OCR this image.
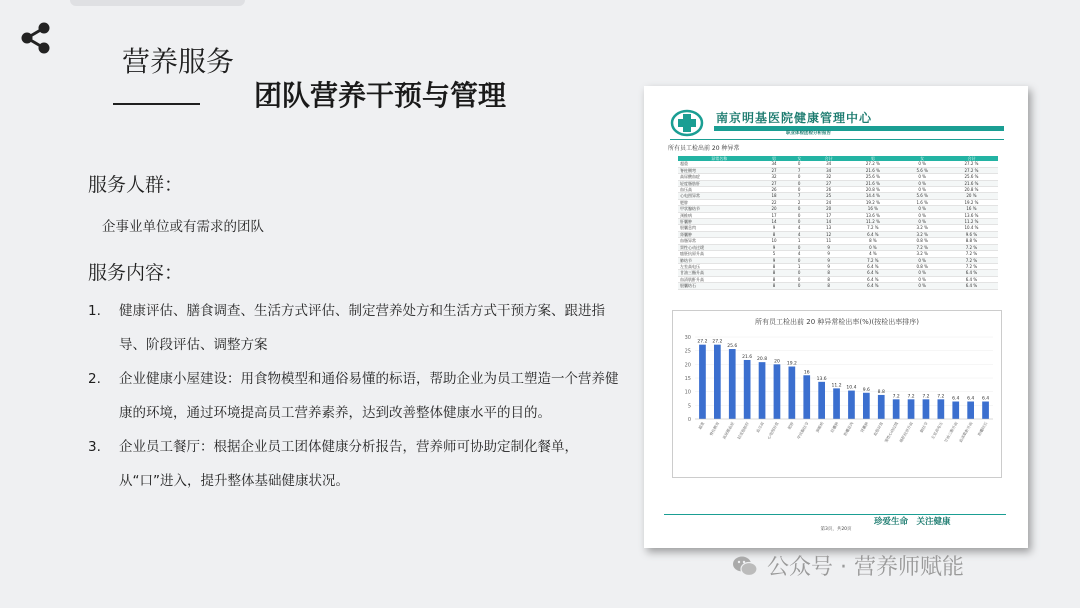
营养服务
团队营养干预与管理
服务人群：
企事业单位或有需求的团队
服务内容：
1. 健康评估、膳食调查、生活方式评估、制定营养处方和生活方式干预方案、跟进指导、阶段评估、调整方案
2. 企业健康小屋建设：用食物模型和通俗易懂的标语，帮助企业为员工塑造一个营养健康的环境，通过环境提高员工营养素养，达到改善整体健康水平的目的。
3. 企业员工餐厅：根据企业员工团体健康分析报告，营养师可协助定制化餐单，从“口”进入，提升整体基础健康状况。
南京明基医院健康管理中心
职业体检团检分析报告
所有员工检出前 20 种异常
异常名称	男	女	合计	男	女	合计
超重	34	0	34	27.2 %	0 %	27.2 %
脊柱侧弯	27	7	34	21.6 %	5.6 %	27.2 %
高尿酸血症	32	0	32	25.6 %	0 %	25.6 %
轻度脂肪肝	27	0	27	21.6 %	0 %	21.6 %
血压高	26	0	26	20.8 %	0 %	20.8 %
心电图异常	18	7	25	14.4 %	5.6 %	20 %
肥胖	22	2	24	19.2 %	1.6 %	19.2 %
甲状腺结节	20	0	20	16 %	0 %	16 %
颈椎病	17	0	17	13.6 %	0 %	13.6 %
肝囊肿	14	0	14	11.2 %	0 %	11.2 %
胆囊息肉	9	4	13	7.2 %	3.2 %	10.4 %
肾囊肿	8	4	12	6.4 %	3.2 %	9.6 %
血脂异常	10	1	11	8 %	0.8 %	8.8 %
窦性心动过缓	9	0	9	0 %	7.2 %	7.2 %
癌胚抗原升高	5	4	9	4 %	3.2 %	7.2 %
肺结节	9	0	9	7.2 %	0 %	7.2 %
左室高电压	8	1	9	6.4 %	0.8 %	7.2 %
甘油三酯升高	8	0	8	6.4 %	0 %	6.4 %
血清肌酐升高	8	0	8	6.4 %	0 %	6.4 %
胆囊结石	8	0	8	6.4 %	0 %	6.4 %
所有员工检出前 20 种异常检出率(%)(按检出率排序)
0
5
10
15
20
25
30
27.2
超重
27.2
脊柱侧弯
25.6
高尿酸血症
21.6
轻度脂肪肝
20.8
血压高
20
心电图异常
19.2
肥胖
16
甲状腺结节
13.6
颈椎病
11.2
肝囊肿
10.4
胆囊息肉
9.6
肾囊肿
8.8
血脂异常
7.2
窦性心动过缓
7.2
癌胚抗原升高
7.2
肺结节
7.2
左室高电压
6.4
甘油三酯升高
6.4
血清肌酐升高
6.4
胆囊结石
珍爱生命　关注健康
第3页，共20页
公众号 · 营养师赋能
